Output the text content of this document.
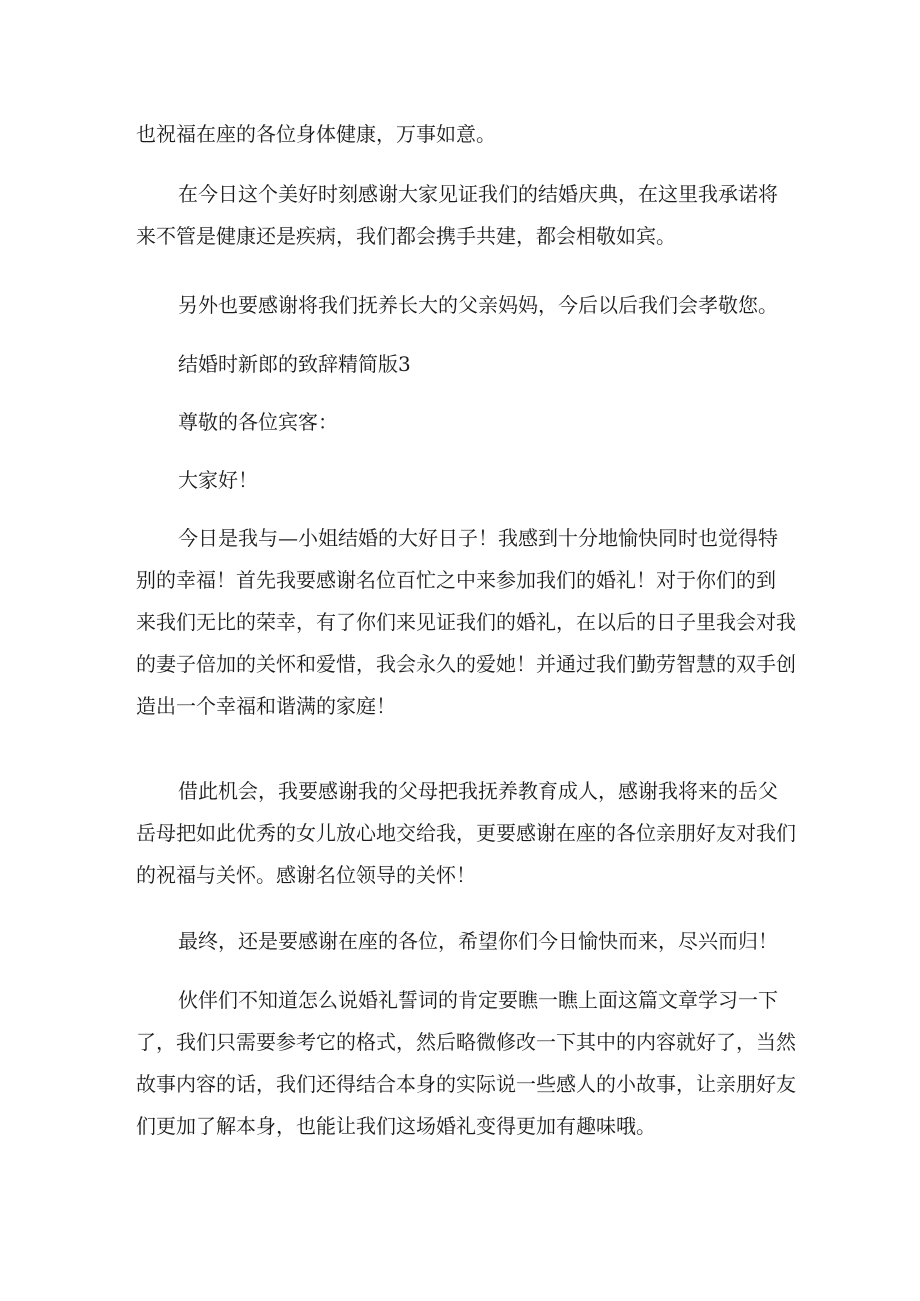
也祝福在座的各位身体健康，万事如意。
在今日这个美好时刻感谢大家见证我们的结婚庆典，在这里我承诺将
来不管是健康还是疾病，我们都会携手共建，都会相敬如宾。
另外也要感谢将我们抚养长大的父亲妈妈，今后以后我们会孝敬您。
结婚时新郎的致辞精简版3
尊敬的各位宾客：
大家好！
今日是我与—小姐结婚的大好日子！我感到十分地愉快同时也觉得特
别的幸福！首先我要感谢名位百忙之中来参加我们的婚礼！对于你们的到
来我们无比的荣幸，有了你们来见证我们的婚礼，在以后的日子里我会对我
的妻子倍加的关怀和爱惜，我会永久的爱她！并通过我们勤劳智慧的双手创
造出一个幸福和谐满的家庭！
借此机会，我要感谢我的父母把我抚养教育成人，感谢我将来的岳父
岳母把如此优秀的女儿放心地交给我，更要感谢在座的各位亲朋好友对我们
的祝福与关怀。感谢名位领导的关怀！
最终，还是要感谢在座的各位，希望你们今日愉快而来，尽兴而归！
伙伴们不知道怎么说婚礼誓词的肯定要瞧一瞧上面这篇文章学习一下
了，我们只需要参考它的格式，然后略微修改一下其中的内容就好了，当然
故事内容的话，我们还得结合本身的实际说一些感人的小故事，让亲朋好友
们更加了解本身，也能让我们这场婚礼变得更加有趣味哦。
